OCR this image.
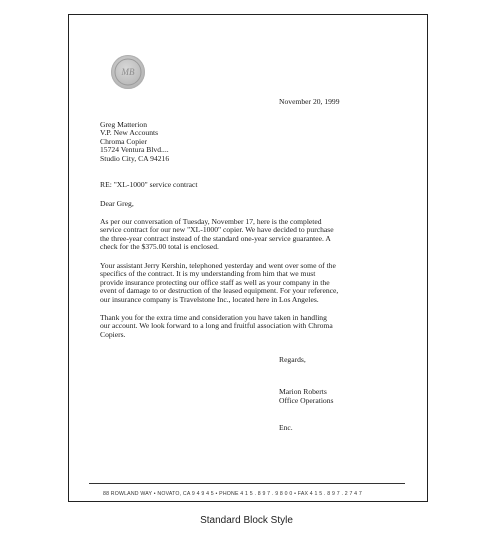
MB
November 20, 1999
Greg Matterion
V.P. New Accounts
Chroma Copier
15724 Ventura Blvd....
Studio City, CA 94216
RE: "XL-1000" service contract
Dear Greg,
As per our conversation of Tuesday, November 17, here is the completed
service contract for our new "XL-1000" copier. We have decided to purchase
the three-year contract instead of the standard one-year service guarantee. A
check for the $375.00 total is enclosed.
Your assistant Jerry Kershin, telephoned yesterday and went over some of the
specifics of the contract. It is my understanding from him that we must
provide insurance protecting our office staff as well as your company in the
event of damage to or destruction of the leased equipment. For your reference,
our insurance company is Travelstone Inc., located here in Los Angeles.
Thank you for the extra time and consideration you have taken in handling
our account. We look forward to a long and fruitful association with Chroma
Copiers.
Regards,
Marion Roberts
Office Operations
Enc.
88 ROWLAND WAY • NOVATO, CA 9 4 9 4 5 • PHONE 4 1 5 . 8 9 7 . 9 8 0 0 • FAX 4 1 5 . 8 9 7 . 2 7 4 7
Standard Block Style
